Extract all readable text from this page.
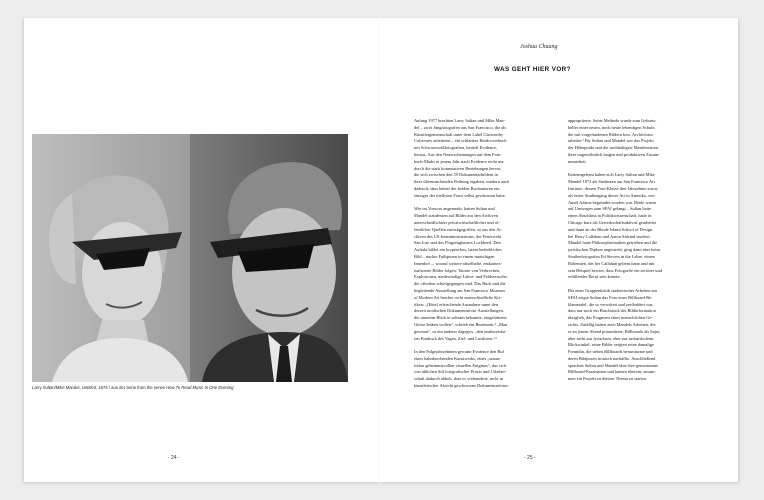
Larry Sultan/Mike Mandel, Untitled, 1974 / aus der Serie from the series How To Read Music In One Evening
- 24 -
Joshua Chuang
WAS GEHT HIER VOR?

Anfang 1977 brachten Larry Sultan und Mike Man-
del – zwei Jungfotografen aus San Francisco, die als
Künstlergemeinschaft unter dem Label Clatworthy
Colorvues arbeiteten – ein schlankes Hardcoverbuch
mit Schwarzweißfotografien, betitelt Evidence,
heraus. Aus den Neuerscheinungen auf dem Foto-
buch-Markt in jenem Jahr stach Evidence nicht nur
durch die stark konnotativen Beziehungen hervor,
die sich zwischen den 59 Dokumentarbildern in
ihrer übermaschenden Reihung ergaben, sondern auch
dadurch, dass keiner der beiden Buchautoren ein
einziges der titellosen Fotos selbst geschossen hatte.

Wie im Vorwort angemerkt, hatten Sultan und
Mandel stattdessen auf Bilder aus den Archiven
unterschiedlichster privatwirtschaftlicher und öf-
fentlicher Quellen zurückgegriffen, so aus den Ar-
chiven des US-Innenministeriums, der Feuerwehr
San Jose und des Flugzeugbauers Lockheed. Den
Auftakt bildet ein kryptisches, latent bedrohliches
Bild – nackte Fußspuren in einem matschigen
Innenhof –, worauf weitere rätselhafte, entkontex-
tualisierte Bilder folgen: Tatorte von Verbrechen,
Explosionen, merkwürdige Labor- und Feldversuche,
die offenbar schiefgegangen sind. Das Buch und die
begleitende Ausstellung am San Francisco Museum
of Modern Art brachte recht unterschiedliche Kri-
tiken: „[Eine] erfrischende Ausnahme unter den
derzeit modischen Dokumentarfoto-Ausstellungen,
die unserem Blick in seltsam bekannte, eingefahrene
Gleise lenken wollen“, schrieb ein Rezensent.¹ „Man
gewinnt“, so ein anderer dagegen, „den unabweisba-
ren Eindruck des Vagen, Ziel- und Lustlosen.“²

In den Folgejahrzehnten gewann Evidence den Ruf
eines bahnbrechenden Kunstwerks, eines „unaus-
lotbar geheimnisvollen visuellen Enigmas“, das sich
von üblichen Stil fotografischer Praxis und Urheber-
schaft dadurch abhob, dass es vorhandene, nicht in
künstlerischer Absicht geschossene Dokumentarfotos

appropriierte. Seine Methode wurde zum Geburts-
helfer einer neuen, noch heute lebendigen Schule,
die mit vorgefundenen Bildern bzw. Archivfotos
arbeitet.³ Für Sultan und Mandel war das Projekt
der Höhepunkt und die nachhaltigste Manifestation
ihrer ungewöhnlich langen und produktiven Zusam-
menarbeit.

Kennengelernt haben sich Larry Sultan und Mike
Mandel 1973 als Studenten am San Francisco Art
Institute, dessen Foto-Klasse drei Jahrzehnte zuvor,
als erster Studiengang dieser Art in Amerika, von
Ansel Adams begründet worden war. Beide waren
auf Umwegen zum SFAI gelangt – Sultan hatte
einen Abschluss in Politikwissenschaft, hatte in
Chicago kurz als Gewerkschaftsaktivist gearbeitet
und dann an der Rhode Island School of Design
bei Harry Callahan und Aaron Siskind studiert;
Mandel hatte Philosophiestudien getrieben und die
juristischen Diplom angestrebt, ging dann aber beim
Straßenfotografen Ed Sievers in die Lehre, einem
Bohemien, der bei Callahan gelernt hatte und mit
sein Beispiel bewies, dass Fotografie ein seriöser und
erfüllender Beruf sein konnte.

Bei einer Gruppenkritik studentischer Arbeiten am
SFAI zeigte Sultan das Foto einer Billboard-Re-
klametafel, die so verwittert und zerfleddert war,
dass nur noch ein Bruchstück der Bildinformation
übriglieb, das Fragment eines menschlichen Ge-
sichts. Zufällig hatten auch Mandels Arbeiten, die
er an jenem Abend präsentierte, Billboards als Sujet,
aber nicht aus lyrischem, eher aus sachartischem
Blickwinkel; seine Bilder zeigten seine damalige
Freundin, die neben Billboards herumturnte und
deren Bildposen ironisch nachäffte. Anschließend
sprachen Sultan und Mandel über ihre gemeinsame
Billboard-Faszination und kamen überein, zusam-
men ein Projekt zu diesem Thema zu starten.

- 25 -
